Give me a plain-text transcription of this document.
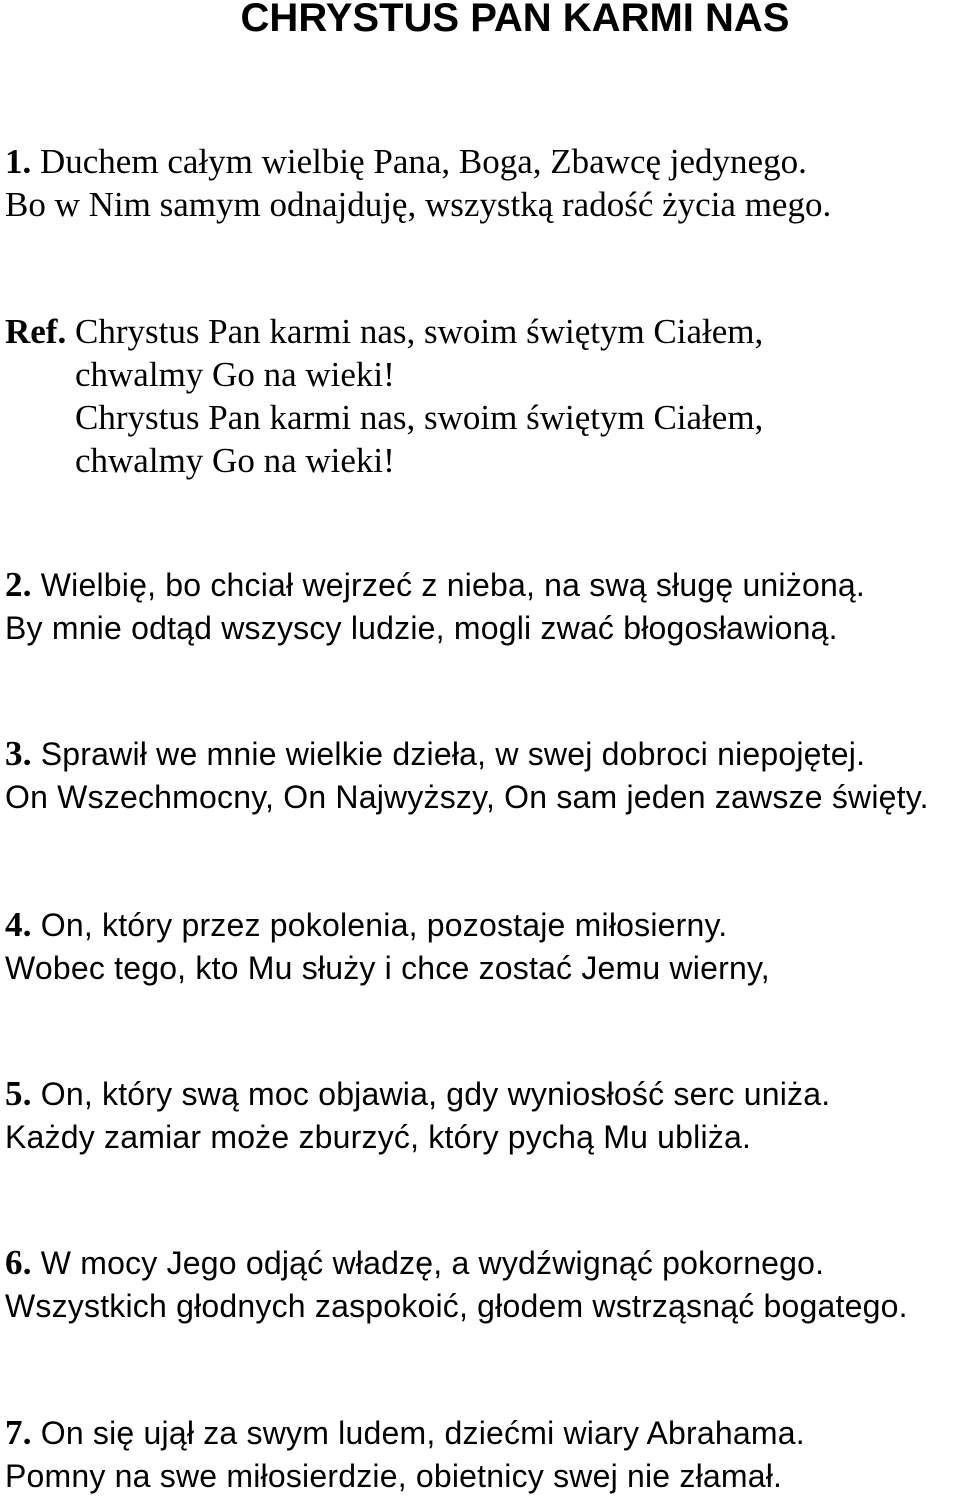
CHRYSTUS PAN KARMI NAS
1. Duchem całym wielbię Pana, Boga, Zbawcę jedynego.
Bo w Nim samym odnajduję, wszystką radość życia mego.
Ref. Chrystus Pan karmi nas, swoim świętym Ciałem,
chwalmy Go na wieki!
Chrystus Pan karmi nas, swoim świętym Ciałem,
chwalmy Go na wieki!
2. Wielbię, bo chciał wejrzeć z nieba, na swą sługę uniżoną.
By mnie odtąd wszyscy ludzie, mogli zwać błogosławioną.
3. Sprawił we mnie wielkie dzieła, w swej dobroci niepojętej.
On Wszechmocny, On Najwyższy, On sam jeden zawsze święty.
4. On, który przez pokolenia, pozostaje miłosierny.
Wobec tego, kto Mu służy i chce zostać Jemu wierny,
5. On, który swą moc objawia, gdy wyniosłość serc uniża.
Każdy zamiar może zburzyć, który pychą Mu ubliża.
6. W mocy Jego odjąć władzę, a wydźwignąć pokornego.
Wszystkich głodnych zaspokoić, głodem wstrząsnąć bogatego.
7. On się ujął za swym ludem, dziećmi wiary Abrahama.
Pomny na swe miłosierdzie, obietnicy swej nie złamał.
